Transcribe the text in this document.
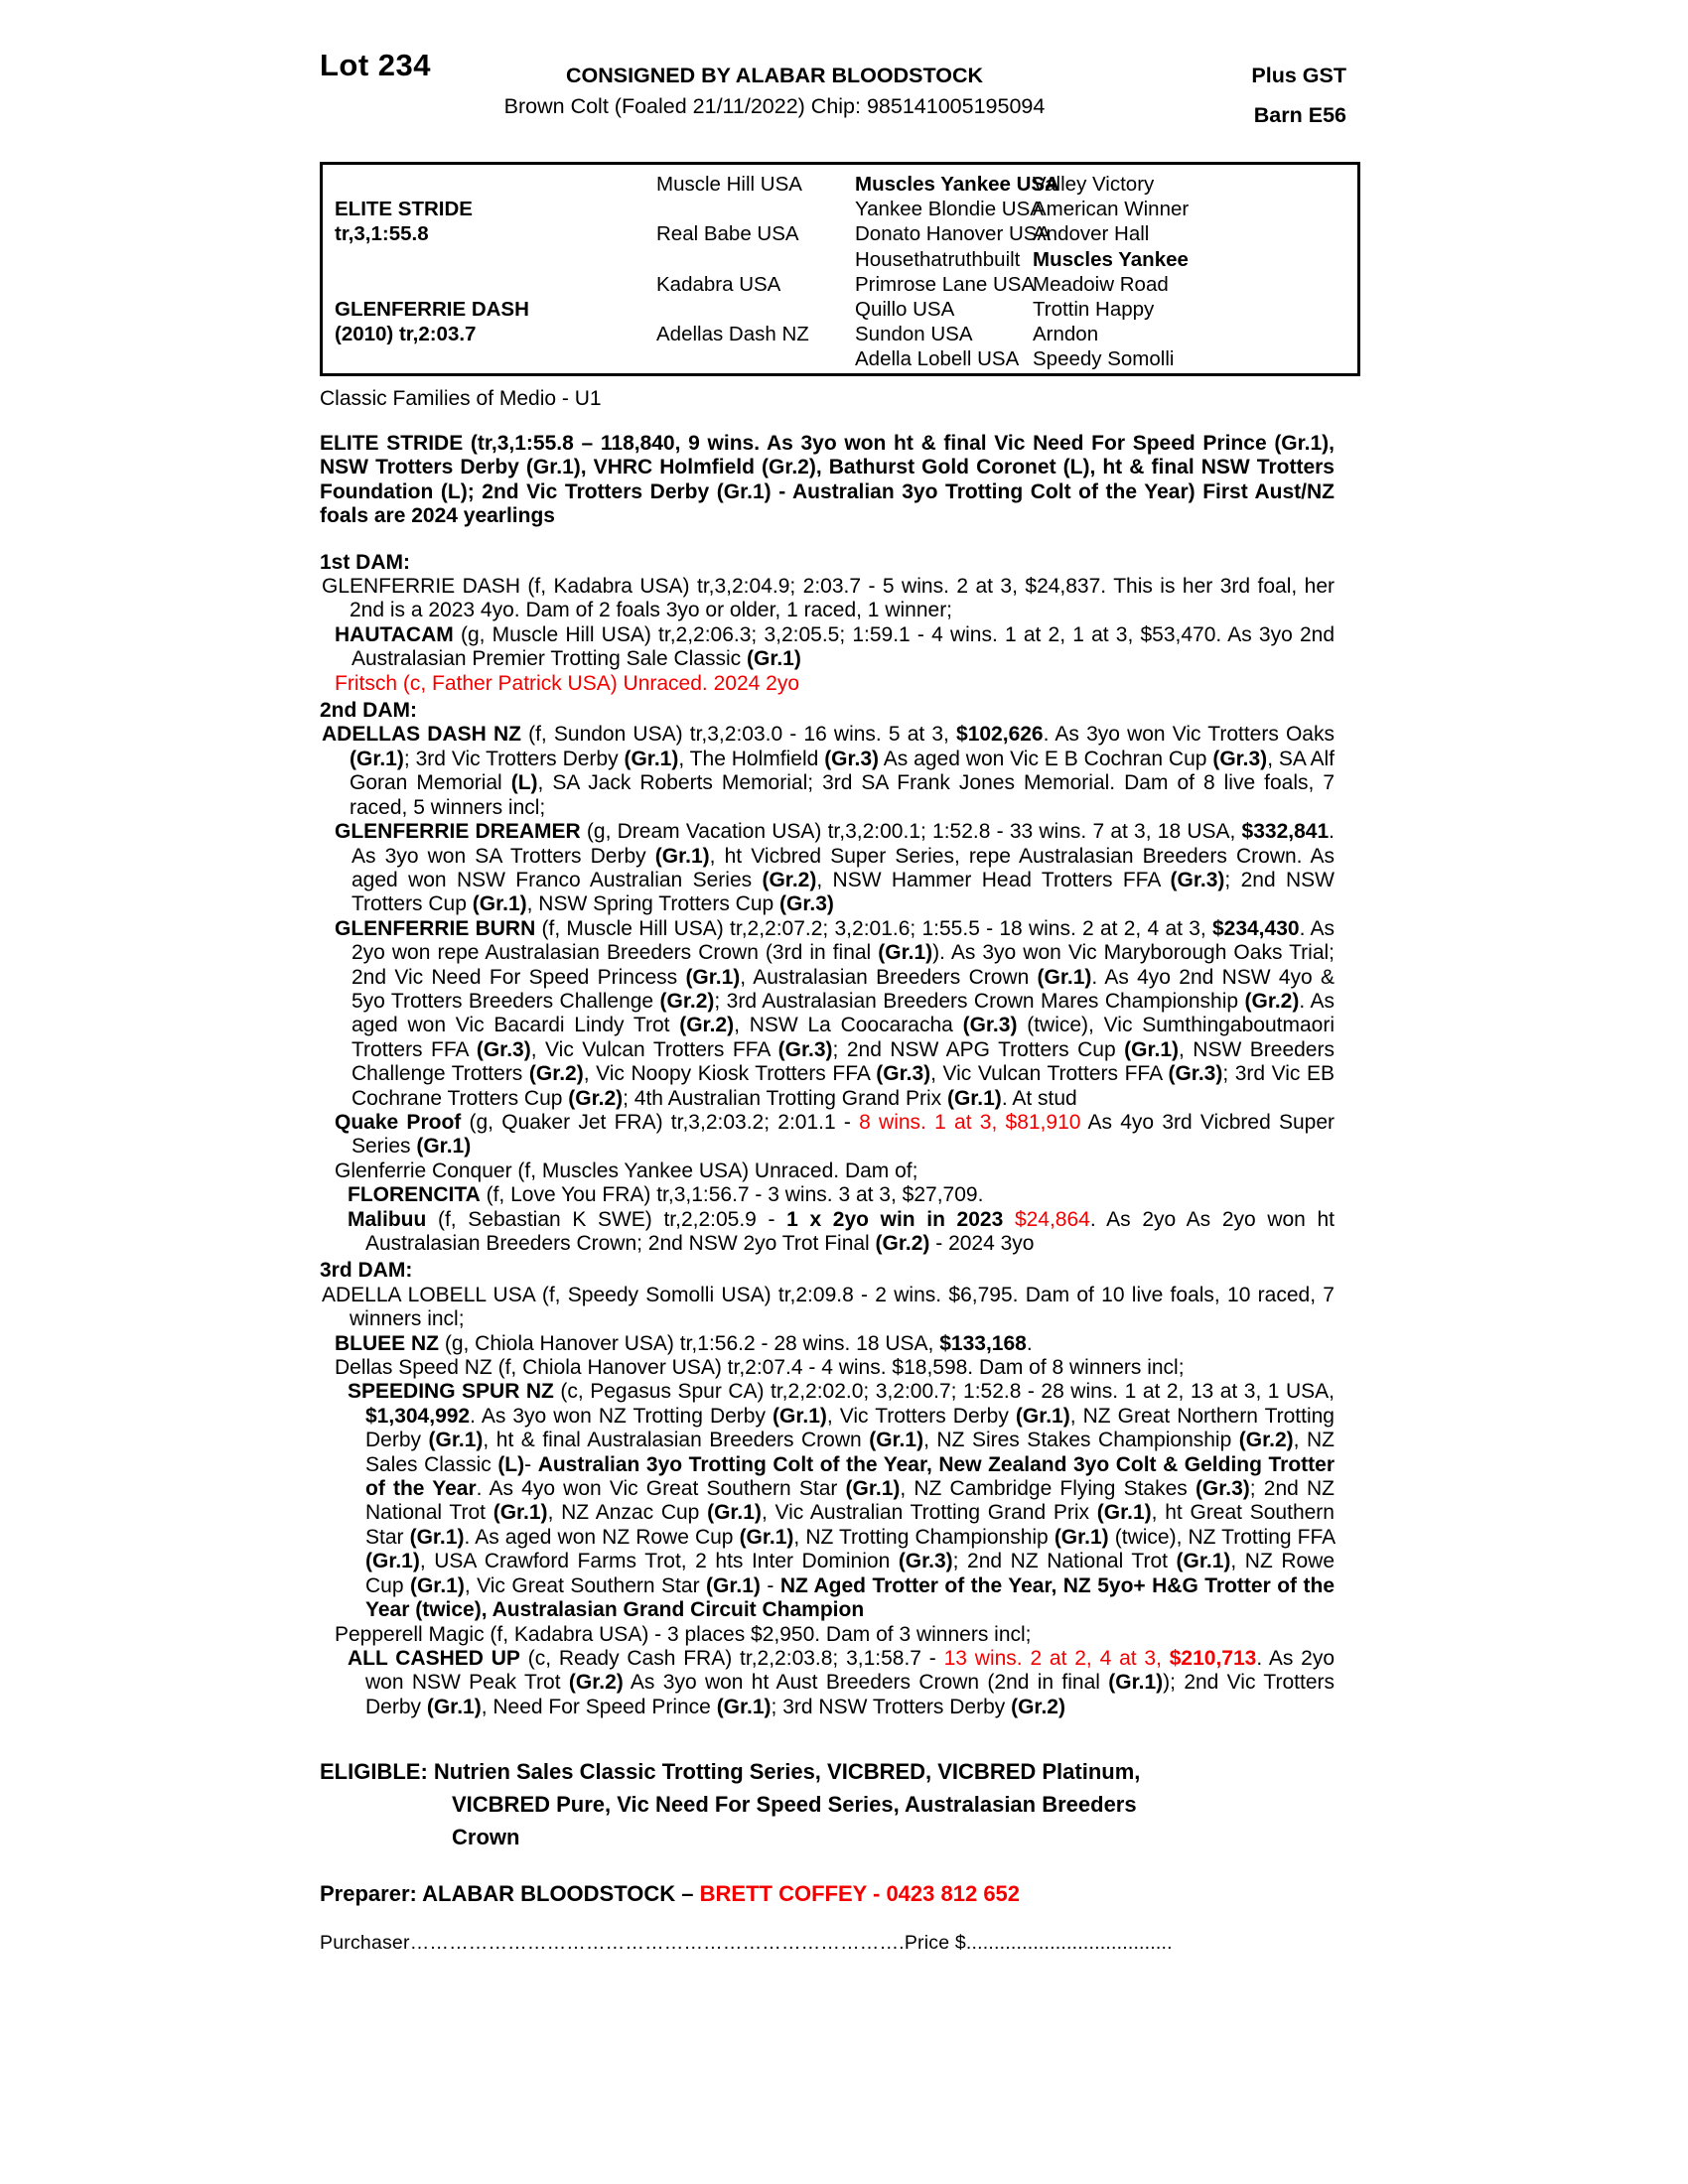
Lot 234	CONSIGNED BY ALABAR BLOODSTOCK
Brown Colt (Foaled 21/11/2022) Chip: 985141005195094
Plus GST
Barn E56
ELITE STRIDE
tr,3,1:55.8
GLENFERRIE DASH
(2010) tr,2:03.7
Muscle Hill USA
Real Babe USA
Kadabra USA
Adellas Dash NZ
Muscles Yankee USA
Yankee Blondie USA
Donato Hanover USA
Housethatruthbuilt
Primrose Lane USA
Quillo USA
Sundon USA
Adella Lobell USA
Valley Victory
American Winner
Andover Hall
Muscles Yankee
Meadoiw Road
Trottin Happy
Arndon
Speedy Somolli
Classic Families of Medio - U1

ELITE STRIDE (tr,3,1:55.8 – 118,840, 9 wins. As 3yo won ht & final Vic Need For Speed Prince (Gr.1), NSW Trotters Derby (Gr.1), VHRC Holmfield (Gr.2), Bathurst Gold Coronet (L), ht & final NSW Trotters Foundation (L); 2nd Vic Trotters Derby (Gr.1) - Australian 3yo Trotting Colt of the Year) First Aust/NZ foals are 2024 yearlings

1st DAM:

GLENFERRIE DASH (f, Kadabra USA) tr,3,2:04.9; 2:03.7 - 5 wins. 2 at 3, $24,837. This is her 3rd foal, her 2nd is a 2023 4yo. Dam of 2 foals 3yo or older, 1 raced, 1 winner;

HAUTACAM (g, Muscle Hill USA) tr,2,2:06.3; 3,2:05.5; 1:59.1 - 4 wins. 1 at 2, 1 at 3, $53,470. As 3yo 2nd Australasian Premier Trotting Sale Classic (Gr.1)

Fritsch (c, Father Patrick USA) Unraced. 2024 2yo

2nd DAM:

ADELLAS DASH NZ (f, Sundon USA) tr,3,2:03.0 - 16 wins. 5 at 3, $102,626. As 3yo won Vic Trotters Oaks (Gr.1); 3rd Vic Trotters Derby (Gr.1), The Holmfield (Gr.3) As aged won Vic E B Cochran Cup (Gr.3), SA Alf Goran Memorial (L), SA Jack Roberts Memorial; 3rd SA Frank Jones Memorial. Dam of 8 live foals, 7 raced, 5 winners incl;

GLENFERRIE DREAMER (g, Dream Vacation USA) tr,3,2:00.1; 1:52.8 - 33 wins. 7 at 3, 18 USA, $332,841. As 3yo won SA Trotters Derby (Gr.1), ht Vicbred Super Series, repe Australasian Breeders Crown. As aged won NSW Franco Australian Series (Gr.2), NSW Hammer Head Trotters FFA (Gr.3); 2nd NSW Trotters Cup (Gr.1), NSW Spring Trotters Cup (Gr.3)

GLENFERRIE BURN (f, Muscle Hill USA) tr,2,2:07.2; 3,2:01.6; 1:55.5 - 18 wins. 2 at 2, 4 at 3, $234,430. As 2yo won repe Australasian Breeders Crown (3rd in final (Gr.1)). As 3yo won Vic Maryborough Oaks Trial; 2nd Vic Need For Speed Princess (Gr.1), Australasian Breeders Crown (Gr.1). As 4yo 2nd NSW 4yo & 5yo Trotters Breeders Challenge (Gr.2); 3rd Australasian Breeders Crown Mares Championship (Gr.2). As aged won Vic Bacardi Lindy Trot (Gr.2), NSW La Coocaracha (Gr.3) (twice), Vic Sumthingaboutmaori Trotters FFA (Gr.3), Vic Vulcan Trotters FFA (Gr.3); 2nd NSW APG Trotters Cup (Gr.1), NSW Breeders Challenge Trotters (Gr.2), Vic Noopy Kiosk Trotters FFA (Gr.3), Vic Vulcan Trotters FFA (Gr.3); 3rd Vic EB Cochrane Trotters Cup (Gr.2); 4th Australian Trotting Grand Prix (Gr.1). At stud

Quake Proof (g, Quaker Jet FRA) tr,3,2:03.2; 2:01.1 - 8 wins. 1 at 3, $81,910 As 4yo 3rd Vicbred Super Series (Gr.1)

Glenferrie Conquer (f, Muscles Yankee USA) Unraced. Dam of;

FLORENCITA (f, Love You FRA) tr,3,1:56.7 - 3 wins. 3 at 3, $27,709.

Malibuu (f, Sebastian K SWE) tr,2,2:05.9 - 1 x 2yo win in 2023 $24,864. As 2yo As 2yo won ht Australasian Breeders Crown; 2nd NSW 2yo Trot Final (Gr.2) - 2024 3yo

3rd DAM:

ADELLA LOBELL USA (f, Speedy Somolli USA) tr,2:09.8 - 2 wins. $6,795. Dam of 10 live foals, 10 raced, 7 winners incl;

BLUEE NZ (g, Chiola Hanover USA) tr,1:56.2 - 28 wins. 18 USA, $133,168.

Dellas Speed NZ (f, Chiola Hanover USA) tr,2:07.4 - 4 wins. $18,598. Dam of 8 winners incl;

SPEEDING SPUR NZ (c, Pegasus Spur CA) tr,2,2:02.0; 3,2:00.7; 1:52.8 - 28 wins. 1 at 2, 13 at 3, 1 USA, $1,304,992. As 3yo won NZ Trotting Derby (Gr.1), Vic Trotters Derby (Gr.1), NZ Great Northern Trotting Derby (Gr.1), ht & final Australasian Breeders Crown (Gr.1), NZ Sires Stakes Championship (Gr.2), NZ Sales Classic (L)- Australian 3yo Trotting Colt of the Year, New Zealand 3yo Colt & Gelding Trotter of the Year. As 4yo won Vic Great Southern Star (Gr.1), NZ Cambridge Flying Stakes (Gr.3); 2nd NZ National Trot (Gr.1), NZ Anzac Cup (Gr.1), Vic Australian Trotting Grand Prix (Gr.1), ht Great Southern Star (Gr.1). As aged won NZ Rowe Cup (Gr.1), NZ Trotting Championship (Gr.1) (twice), NZ Trotting FFA (Gr.1), USA Crawford Farms Trot, 2 hts Inter Dominion (Gr.3); 2nd NZ National Trot (Gr.1), NZ Rowe Cup (Gr.1), Vic Great Southern Star (Gr.1) - NZ Aged Trotter of the Year, NZ 5yo+ H&G Trotter of the Year (twice), Australasian Grand Circuit Champion

Pepperell Magic (f, Kadabra USA) - 3 places $2,950. Dam of 3 winners incl;

ALL CASHED UP (c, Ready Cash FRA) tr,2,2:03.8; 3,1:58.7 - 13 wins. 2 at 2, 4 at 3, $210,713. As 2yo won NSW Peak Trot (Gr.2) As 3yo won ht Aust Breeders Crown (2nd in final (Gr.1)); 2nd Vic Trotters Derby (Gr.1), Need For Speed Prince (Gr.1); 3rd NSW Trotters Derby (Gr.2)

ELIGIBLE: Nutrien Sales Classic Trotting Series, VICBRED, VICBRED Platinum,
VICBRED Pure, Vic Need For Speed Series, Australasian Breeders
Crown

Preparer: ALABAR BLOODSTOCK – BRETT COFFEY - 0423 812 652

Purchaser………………………………………………………………….Price $.....................................
